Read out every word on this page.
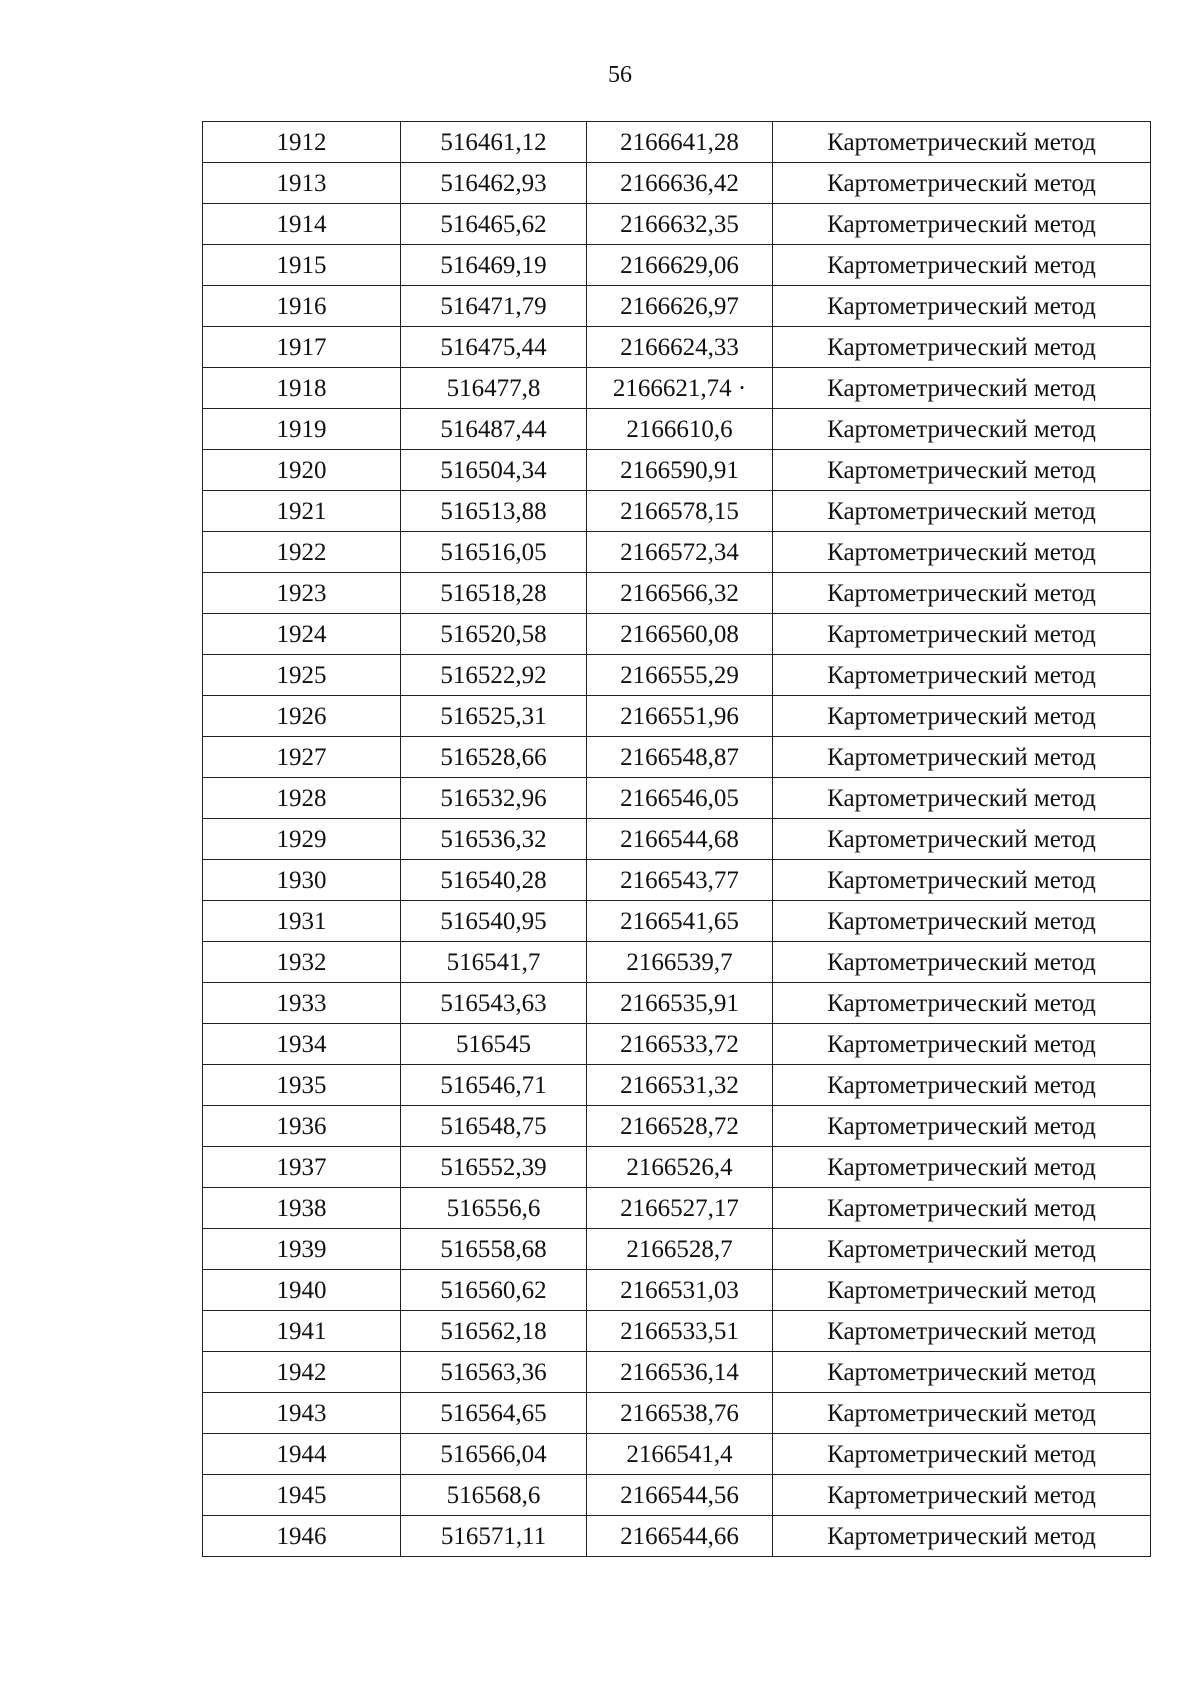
56
1912	516461,12	2166641,28	Картометрический метод
1913	516462,93	2166636,42	Картометрический метод
1914	516465,62	2166632,35	Картометрический метод
1915	516469,19	2166629,06	Картометрический метод
1916	516471,79	2166626,97	Картометрический метод
1917	516475,44	2166624,33	Картометрический метод
1918	516477,8	2166621,74 ·	Картометрический метод
1919	516487,44	2166610,6	Картометрический метод
1920	516504,34	2166590,91	Картометрический метод
1921	516513,88	2166578,15	Картометрический метод
1922	516516,05	2166572,34	Картометрический метод
1923	516518,28	2166566,32	Картометрический метод
1924	516520,58	2166560,08	Картометрический метод
1925	516522,92	2166555,29	Картометрический метод
1926	516525,31	2166551,96	Картометрический метод
1927	516528,66	2166548,87	Картометрический метод
1928	516532,96	2166546,05	Картометрический метод
1929	516536,32	2166544,68	Картометрический метод
1930	516540,28	2166543,77	Картометрический метод
1931	516540,95	2166541,65	Картометрический метод
1932	516541,7	2166539,7	Картометрический метод
1933	516543,63	2166535,91	Картометрический метод
1934	516545	2166533,72	Картометрический метод
1935	516546,71	2166531,32	Картометрический метод
1936	516548,75	2166528,72	Картометрический метод
1937	516552,39	2166526,4	Картометрический метод
1938	516556,6	2166527,17	Картометрический метод
1939	516558,68	2166528,7	Картометрический метод
1940	516560,62	2166531,03	Картометрический метод
1941	516562,18	2166533,51	Картометрический метод
1942	516563,36	2166536,14	Картометрический метод
1943	516564,65	2166538,76	Картометрический метод
1944	516566,04	2166541,4	Картометрический метод
1945	516568,6	2166544,56	Картометрический метод
1946	516571,11	2166544,66	Картометрический метод
